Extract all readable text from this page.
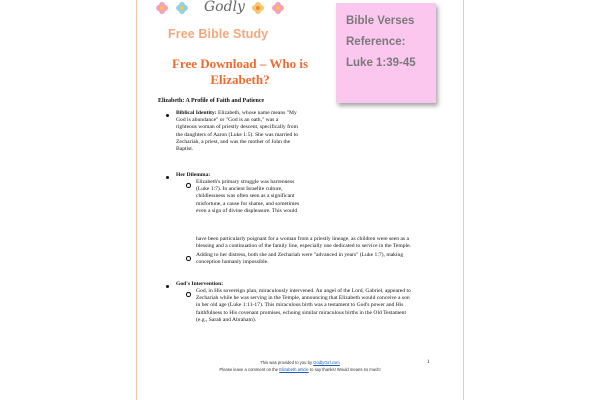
Godly
Free Bible Study
Free Download – Who is
Elizabeth?
Bible Verses
Reference:
Luke 1:39-45
Elizabeth: A Profile of Faith and Patience
Biblical Identity: Elizabeth, whose name means "My
God is abundance" or "God is an oath," was a
righteous woman of priestly descent, specifically from
the daughters of Aaron (Luke 1:5). She was married to
Zechariah, a priest, and was the mother of John the
Baptist.
Her Dilemma:
Elizabeth's primary struggle was barrenness
(Luke 1:7). In ancient Israelite culture,
childlessness was often seen as a significant
misfortune, a cause for shame, and sometimes
even a sign of divine displeasure. This would
have been particularly poignant for a woman from a priestly lineage, as children were seen as a
blessing and a continuation of the family line, especially one dedicated to service in the Temple.
Adding to her distress, both she and Zechariah were "advanced in years" (Luke 1:7), making
conception humanly impossible.
God's Intervention:
God, in His sovereign plan, miraculously intervened. An angel of the Lord, Gabriel, appeared to
Zechariah while he was serving in the Temple, announcing that Elizabeth would conceive a son
in her old age (Luke 1:11-17). This miraculous birth was a testament to God's power and His
faithfulness to His covenant promises, echoing similar miraculous births in the Old Testament
(e.g., Sarah and Abraham).
This was provided to you by GodlyGirl.com
Please leave a comment on the Elizabeth article to say thanks! Would means so much!
1
